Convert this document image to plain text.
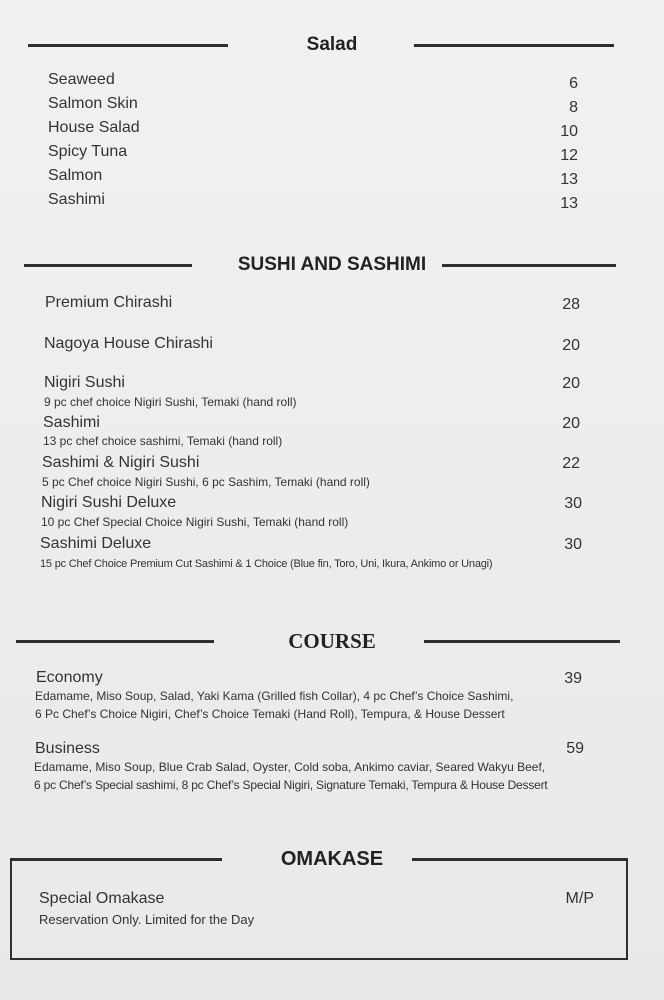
Salad
Seaweed	6
Salmon Skin	8
House Salad	10
Spicy Tuna	12
Salmon	13
Sashimi	13
SUSHI AND SASHIMI
Premium Chirashi	28
Nagoya House Chirashi	20
Nigiri Sushi	20
9 pc chef choice Nigiri Sushi, Temaki (hand roll)
Sashimi	20
13 pc chef choice sashimi, Temaki (hand roll)
Sashimi & Nigiri Sushi	22
5 pc Chef choice Nigiri Sushi, 6 pc Sashim, Temaki (hand roll)
Nigiri Sushi Deluxe	30
10 pc Chef Special Choice Nigiri Sushi, Temaki (hand roll)
Sashimi Deluxe	30
15 pc Chef Choice Premium Cut Sashimi & 1 Choice (Blue fin, Toro, Uni, Ikura, Ankimo or Unagi)
COURSE
Economy	39
Edamame, Miso Soup, Salad, Yaki Kama (Grilled fish Collar), 4 pc Chef’s Choice Sashimi,
6 Pc Chef’s Choice Nigiri, Chef’s Choice Temaki (Hand Roll), Tempura, & House Dessert
Business	59
Edamame, Miso Soup, Blue Crab Salad, Oyster, Cold soba, Ankimo caviar, Seared Wakyu Beef,
6 pc Chef’s Special sashimi, 8 pc Chef’s Special Nigiri, Signature Temaki, Tempura & House Dessert
OMAKASE
Special Omakase	M/P
Reservation Only. Limited for the Day
